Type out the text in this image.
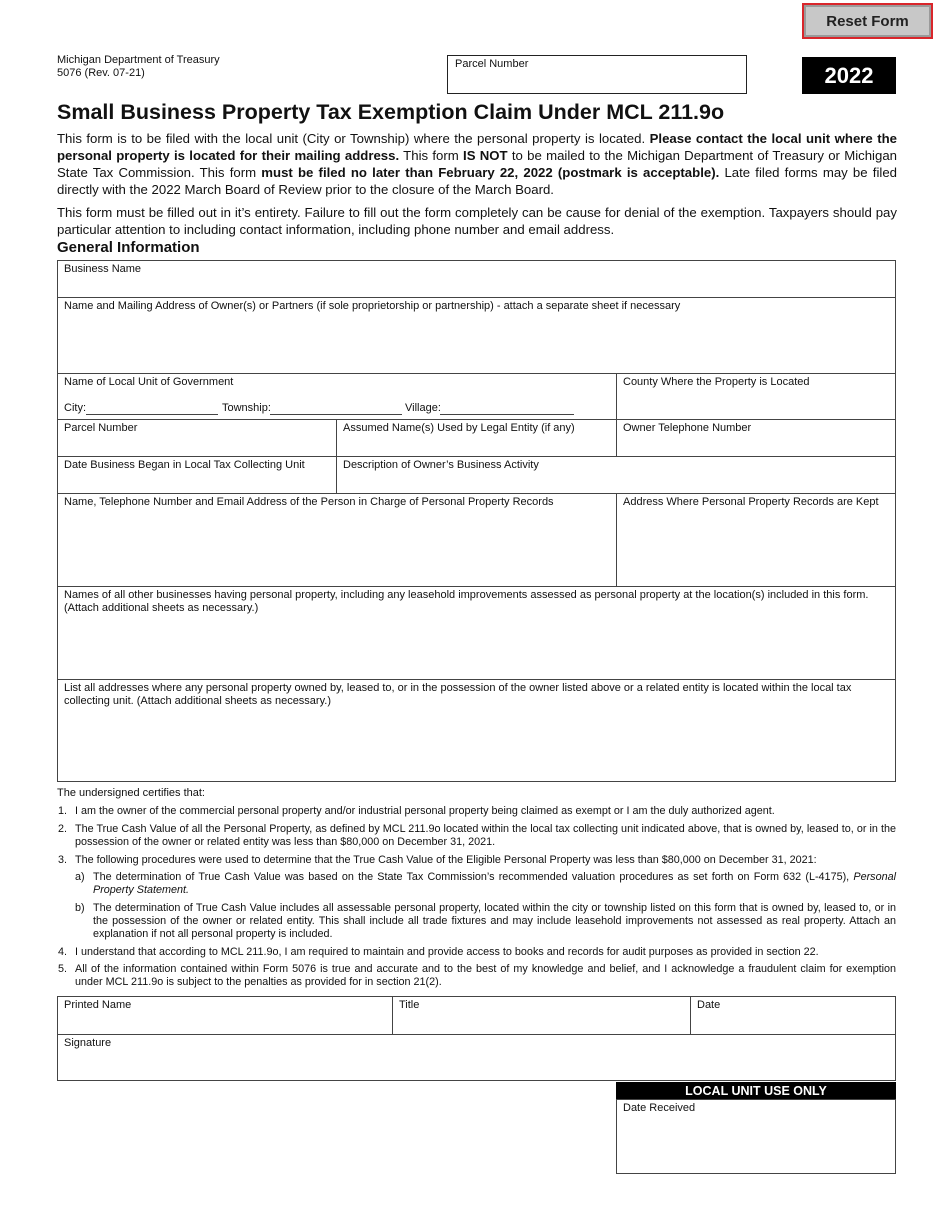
Reset Form
Michigan Department of Treasury
5076 (Rev. 07-21)
Parcel Number	2022
Small Business Property Tax Exemption Claim Under MCL 211.9o
This form is to be filed with the local unit (City or Township) where the personal property is located. Please contact the local unit where the personal property is located for their mailing address. This form IS NOT to be mailed to the Michigan Department of Treasury or Michigan State Tax Commission. This form must be filed no later than February 22, 2022 (postmark is acceptable). Late filed forms may be filed directly with the 2022 March Board of Review prior to the closure of the March Board.
This form must be filled out in it’s entirety. Failure to fill out the form completely can be cause for denial of the exemption. Taxpayers should pay particular attention to including contact information, including phone number and email address.
General Information
Business Name
Name and Mailing Address of Owner(s) or Partners (if sole proprietorship or partnership) - attach a separate sheet if necessary
Name of Local Unit of Government
City:	Township:	Village:
County Where the Property is Located
Parcel Number	Assumed Name(s) Used by Legal Entity (if any)	Owner Telephone Number
Date Business Began in Local Tax Collecting Unit	Description of Owner’s Business Activity
Name, Telephone Number and Email Address of the Person in Charge of Personal Property Records	Address Where Personal Property Records are Kept
Names of all other businesses having personal property, including any leasehold improvements assessed as personal property at the location(s) included in this form. (Attach additional sheets as necessary.)
List all addresses where any personal property owned by, leased to, or in the possession of the owner listed above or a related entity is located within the local tax collecting unit. (Attach additional sheets as necessary.)
The undersigned certifies that:
1. I am the owner of the commercial personal property and/or industrial personal property being claimed as exempt or I am the duly authorized agent.
2. The True Cash Value of all the Personal Property, as defined by MCL 211.9o located within the local tax collecting unit indicated above, that is owned by, leased to, or in the possession of the owner or related entity was less than $80,000 on December 31, 2021.
3. The following procedures were used to determine that the True Cash Value of the Eligible Personal Property was less than $80,000 on December 31, 2021:
a) The determination of True Cash Value was based on the State Tax Commission’s recommended valuation procedures as set forth on Form 632 (L-4175), Personal Property Statement.
b) The determination of True Cash Value includes all assessable personal property, located within the city or township listed on this form that is owned by, leased to, or in the possession of the owner or related entity. This shall include all trade fixtures and may include leasehold improvements not assessed as real property. Attach an explanation if not all personal property is included.
4. I understand that according to MCL 211.9o, I am required to maintain and provide access to books and records for audit purposes as provided in section 22.
5. All of the information contained within Form 5076 is true and accurate and to the best of my knowledge and belief, and I acknowledge a fraudulent claim for exemption under MCL 211.9o is subject to the penalties as provided for in section 21(2).
Printed Name	Title	Date
Signature
LOCAL UNIT USE ONLY
Date Received
